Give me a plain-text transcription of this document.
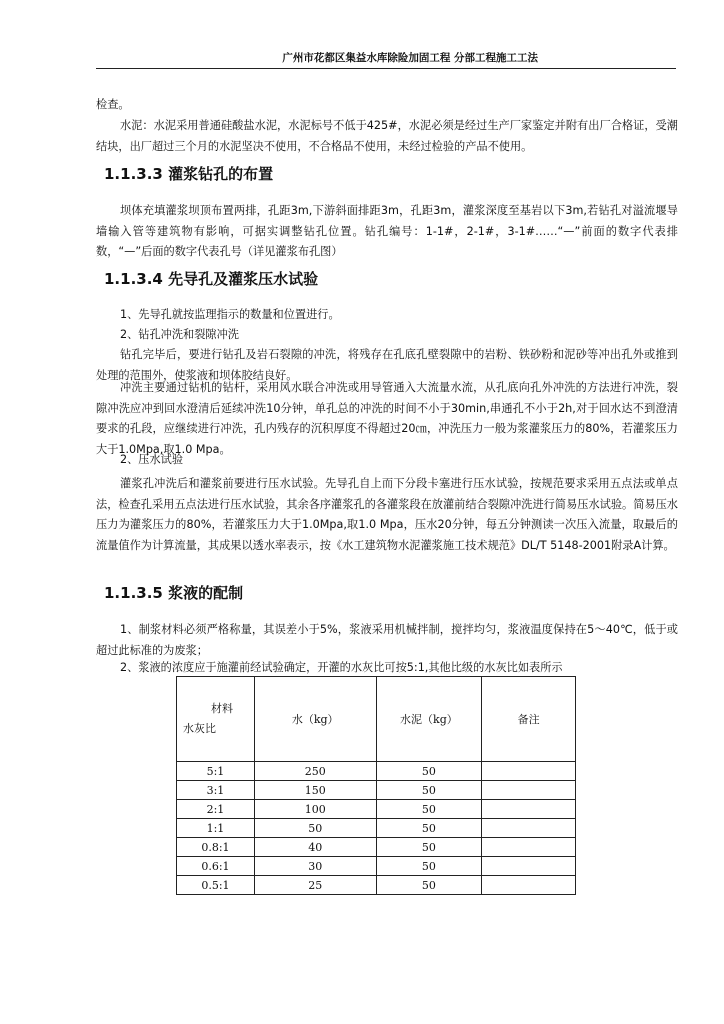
广州市花都区集益水库除险加固工程 分部工程施工工法

检查。

水泥：水泥采用普通硅酸盐水泥，水泥标号不低于425#，水泥必须是经过生产厂家鉴定并附有出厂合格证，受潮结块，出厂超过三个月的水泥坚决不使用，不合格品不使用，未经过检验的产品不使用。

1.1.3.3 灌浆钻孔的布置

坝体充填灌浆坝顶布置两排，孔距3m,下游斜面排距3m，孔距3m，灌浆深度至基岩以下3m,若钻孔对溢流堰导墙输入管等建筑物有影响，可据实调整钻孔位置。钻孔编号：1-1#，2-1#，3-1#……“—”前面的数字代表排数，“—”后面的数字代表孔号（详见灌浆布孔图）

1.1.3.4 先导孔及灌浆压水试验

1、先导孔就按监理指示的数量和位置进行。

2、钻孔冲洗和裂隙冲洗

钻孔完毕后，要进行钻孔及岩石裂隙的冲洗，将残存在孔底孔壁裂隙中的岩粉、铁砂粉和泥砂等冲出孔外或推到处理的范围外，使浆液和坝体胶结良好。

冲洗主要通过钻机的钻杆，采用风水联合冲洗或用导管通入大流量水流，从孔底向孔外冲洗的方法进行冲洗，裂隙冲洗应冲到回水澄清后延续冲洗10分钟，单孔总的冲洗的时间不小于30min,串通孔不小于2h,对于回水达不到澄清要求的孔段，应继续进行冲洗，孔内残存的沉积厚度不得超过20㎝，冲洗压力一般为浆灌浆压力的80%，若灌浆压力大于1.0Mpa,取1.0 Mpa。

2、压水试验

灌浆孔冲洗后和灌浆前要进行压水试验。先导孔自上而下分段卡塞进行压水试验，按规范要求采用五点法或单点法，检查孔采用五点法进行压水试验，其余各序灌浆孔的各灌浆段在放灌前结合裂隙冲洗进行简易压水试验。简易压水压力为灌浆压力的80%，若灌浆压力大于1.0Mpa,取1.0 Mpa，压水20分钟，每五分钟测读一次压入流量，取最后的流量值作为计算流量，其成果以透水率表示，按《水工建筑物水泥灌浆施工技术规范》DL/T 5148-2001附录A计算。

1.1.3.5 浆液的配制

1、制浆材料必须严格称量，其误差小于5%，浆液采用机械拌制，搅拌均匀，浆液温度保持在5～40℃，低于或超过此标准的为废浆；

2、浆液的浓度应于施灌前经试验确定，开灌的水灰比可按5:1,其他比级的水灰比如表所示

材料
水灰比	水（kg）	水泥（kg）	备注
5:1	250	50	
3:1	150	50	
2:1	100	50	
1:1	50	50	
0.8:1	40	50	
0.6:1	30	50	
0.5:1	25	50	
